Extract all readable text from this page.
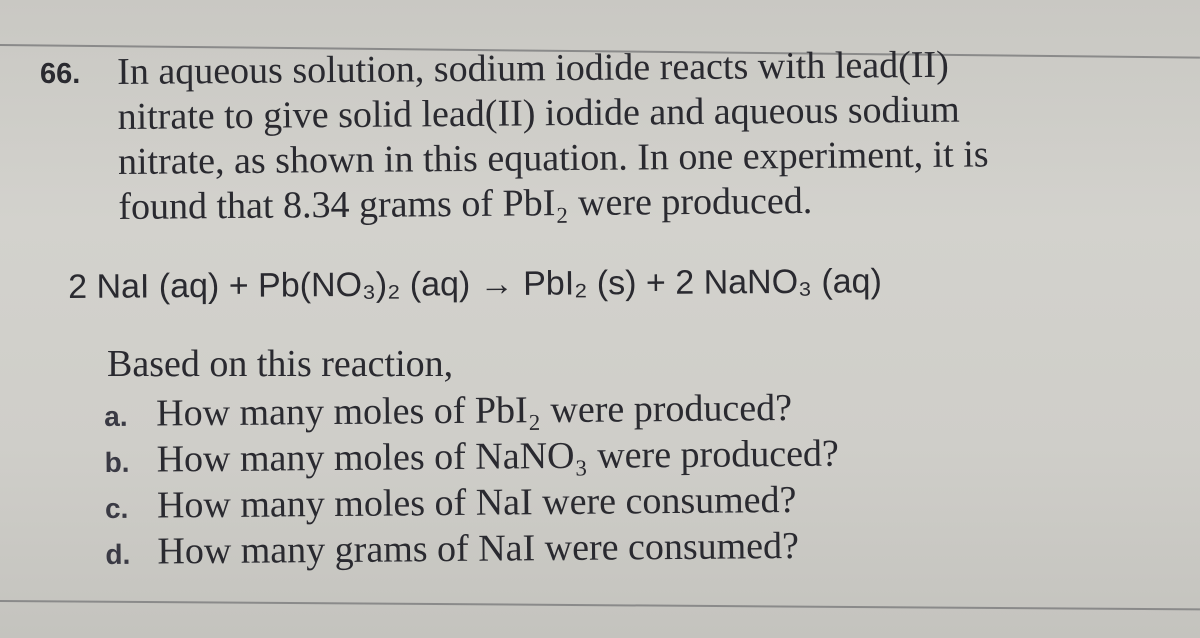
66. In aqueous solution, sodium iodide reacts with lead(II)
nitrate to give solid lead(II) iodide and aqueous sodium
nitrate, as shown in this equation. In one experiment, it is
found that 8.34 grams of PbI₂ were produced.
2 NaI (aq) + Pb(NO₃)₂ (aq) → PbI₂ (s) + 2 NaNO₃ (aq)
Based on this reaction,
a. How many moles of PbI₂ were produced?
b. How many moles of NaNO₃ were produced?
c. How many moles of NaI were consumed?
d. How many grams of NaI were consumed?
